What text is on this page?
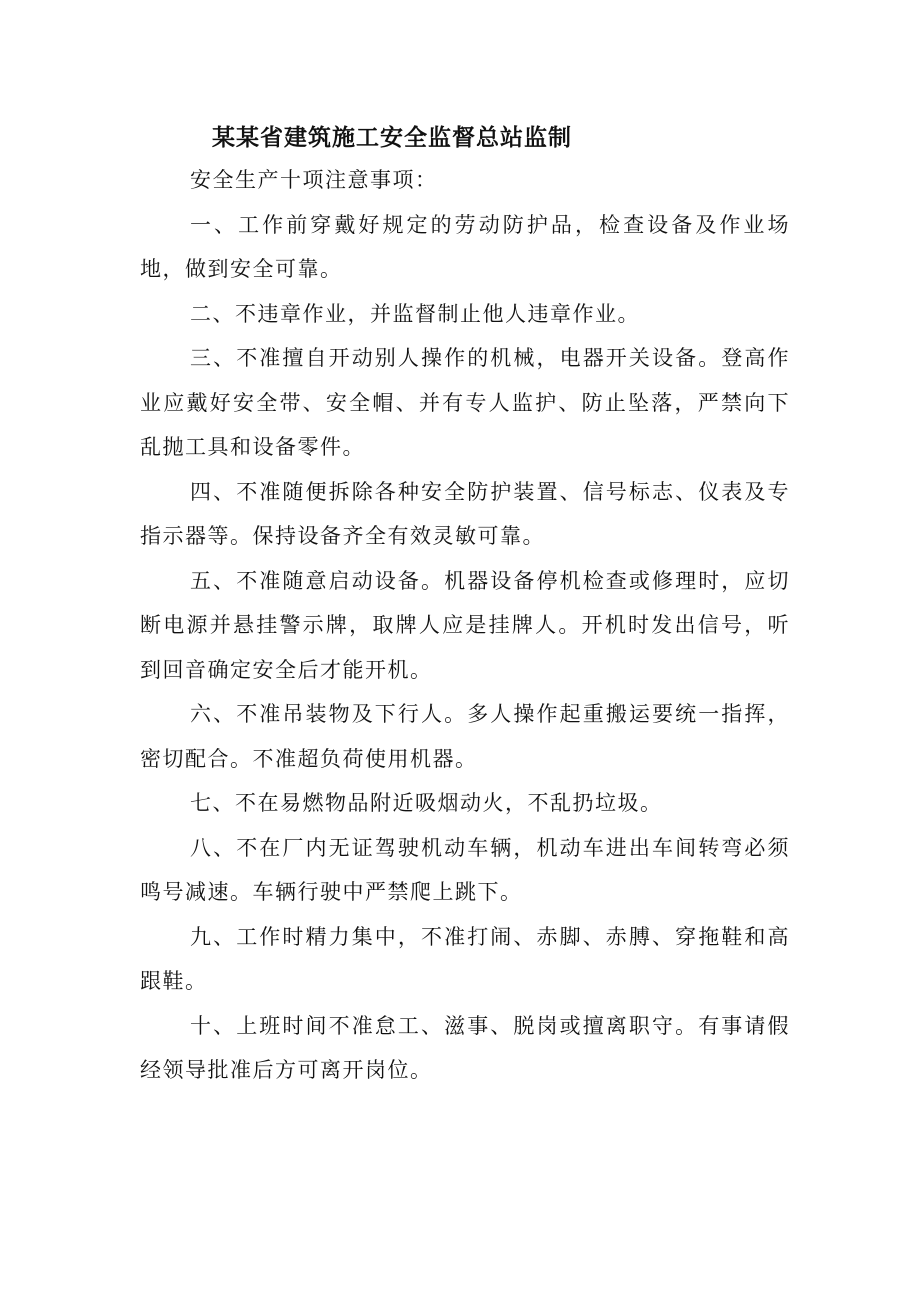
某某省建筑施工安全监督总站监制

安全生产十项注意事项：

一、工作前穿戴好规定的劳动防护品，检查设备及作业场地，做到安全可靠。

二、不违章作业，并监督制止他人违章作业。

三、不准擅自开动别人操作的机械，电器开关设备。登高作业应戴好安全带、安全帽、并有专人监护、防止坠落，严禁向下乱抛工具和设备零件。

四、不准随便拆除各种安全防护装置、信号标志、仪表及专指示器等。保持设备齐全有效灵敏可靠。

五、不准随意启动设备。机器设备停机检查或修理时，应切断电源并悬挂警示牌，取牌人应是挂牌人。开机时发出信号，听到回音确定安全后才能开机。

六、不准吊装物及下行人。多人操作起重搬运要统一指挥，密切配合。不准超负荷使用机器。

七、不在易燃物品附近吸烟动火，不乱扔垃圾。

八、不在厂内无证驾驶机动车辆，机动车进出车间转弯必须鸣号减速。车辆行驶中严禁爬上跳下。

九、工作时精力集中，不准打闹、赤脚、赤膊、穿拖鞋和高跟鞋。

十、上班时间不准怠工、滋事、脱岗或擅离职守。有事请假经领导批准后方可离开岗位。
